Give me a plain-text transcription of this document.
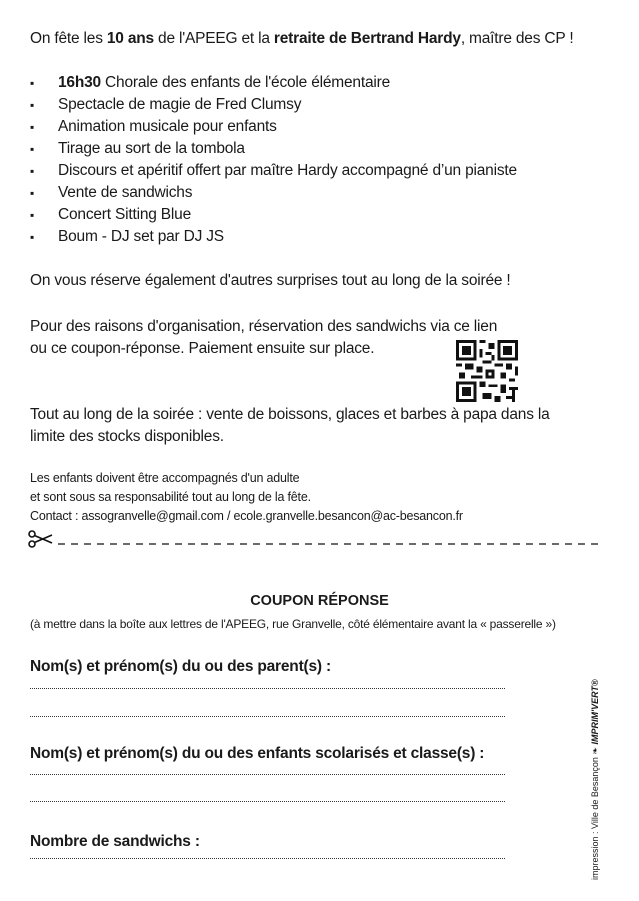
On fête les 10 ans de l'APEEG et la retraite de Bertrand Hardy, maître des CP !
▪	16h30 Chorale des enfants de l'école élémentaire
▪	Spectacle de magie de Fred Clumsy
▪	Animation musicale pour enfants
▪	Tirage au sort de la tombola
▪	Discours et apéritif offert par maître Hardy accompagné d’un pianiste
▪	Vente de sandwichs
▪	Concert Sitting Blue
▪	Boum - DJ set par DJ JS
On vous réserve également d'autres surprises tout au long de la soirée !
Pour des raisons d'organisation, réservation des sandwichs via ce lien
ou ce coupon-réponse. Paiement ensuite sur place.
Tout au long de la soirée : vente de boissons, glaces et barbes à papa dans la
limite des stocks disponibles.
Les enfants doivent être accompagnés d'un adulte
et sont sous sa responsabilité tout au long de la fête.
Contact : assogranvelle@gmail.com / ecole.granvelle.besancon@ac-besancon.fr
COUPON RÉPONSE
(à mettre dans la boîte aux lettres de l'APEEG, rue Granvelle, côté élémentaire avant la « passerelle »)
Nom(s) et prénom(s) du ou des parent(s) :
Nom(s) et prénom(s) du ou des enfants scolarisés et classe(s) :
Nombre de sandwichs :	impression : Ville de Besançon ❧ IMPRIM'VERT®
